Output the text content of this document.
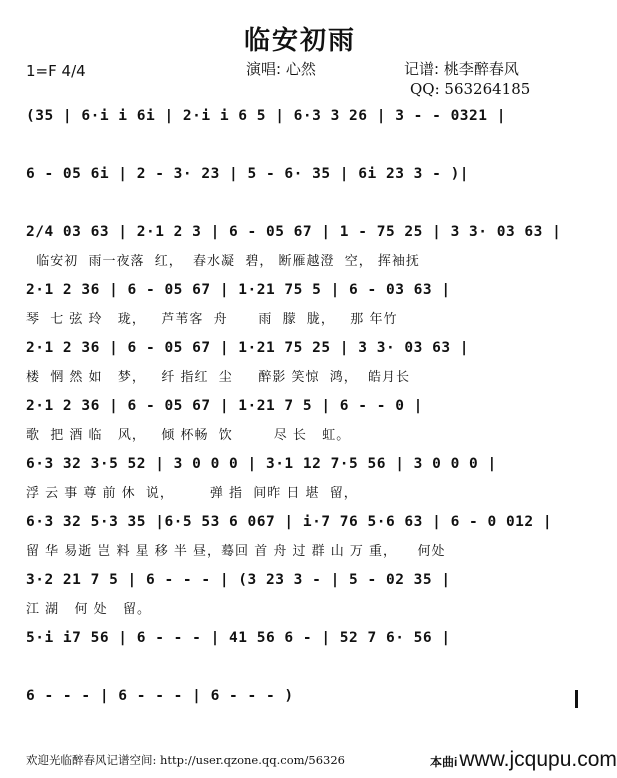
临安初雨
1=F 4/4	演唱: 心然	记谱: 桃李醉春风
QQ: 563264185
(35 | 6·i i 6i | 2·i i 6 5 | 6·3 3 26 | 3 - - 0321 |
6 - 05 6i | 2 - 3· 23 | 5 - 6· 35 | 6i 23 3 - )|
2/4 03 63 | 2·1 2 3 | 6 - 05 67 | 1 - 75 25 | 3 3· 03 63 |
临安初  雨一夜落  红，  春水凝  碧， 断雁越澄  空， 挥袖抚
2·1 2 36 | 6 - 05 67 | 1·21 75 5 | 6 - 03 63 |
琴  七 弦 玲   珑，   芦苇客  舟      雨  朦  胧，   那 年竹
2·1 2 36 | 6 - 05 67 | 1·21 75 25 | 3 3· 03 63 |
楼  惘 然 如   梦，   纤 指红  尘     醉影 笑惊  鸿，  皓月长
2·1 2 36 | 6 - 05 67 | 1·21 7 5 | 6 - - 0 |
歌  把 酒 临   风，   倾 杯畅  饮        尽 长   虹。
6·3 32 3·5 52 | 3 0 0 0 | 3·1 12 7·5 56 | 3 0 0 0 |
浮 云 事 尊 前 休  说，       弹 指  间昨 日 堪  留，
6·3 32 5·3 35 |6·5 53 6 067 | i·7 76 5·6 63 | 6 - 0 012 |
留 华 易逝 岂 料 星 移 半 昼，蓦回 首 舟 过 群 山 万 重，    何处
3·2 21 7 5 | 6 - - - | (3 23 3 - | 5 - 02 35 |
江 湖   何 处   留。
5·i i7 56 | 6 - - - | 41 56 6 - | 52 7 6· 56 |
6 - - - | 6 - - - | 6 - - - )
欢迎光临醉春风记谱空间: http://user.qzone.qq.com/56326	本曲iwww.jcqupu.com
